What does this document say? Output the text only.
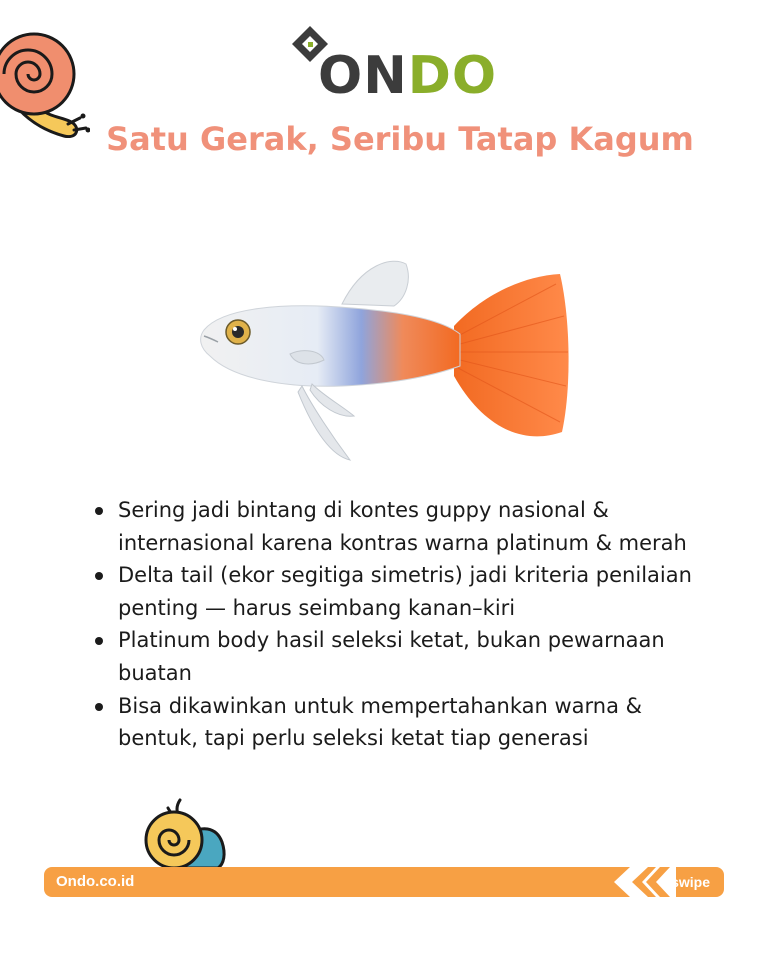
ONDO
Satu Gerak, Seribu Tatap Kagum
Sering jadi bintang di kontes guppy nasional & internasional karena kontras warna platinum & merah
Delta tail (ekor segitiga simetris) jadi kriteria penilaian penting — harus seimbang kanan–kiri
Platinum body hasil seleksi ketat, bukan pewarnaan buatan
Bisa dikawinkan untuk mempertahankan warna & bentuk, tapi perlu seleksi ketat tiap generasi
Ondo.co.id	swipe
